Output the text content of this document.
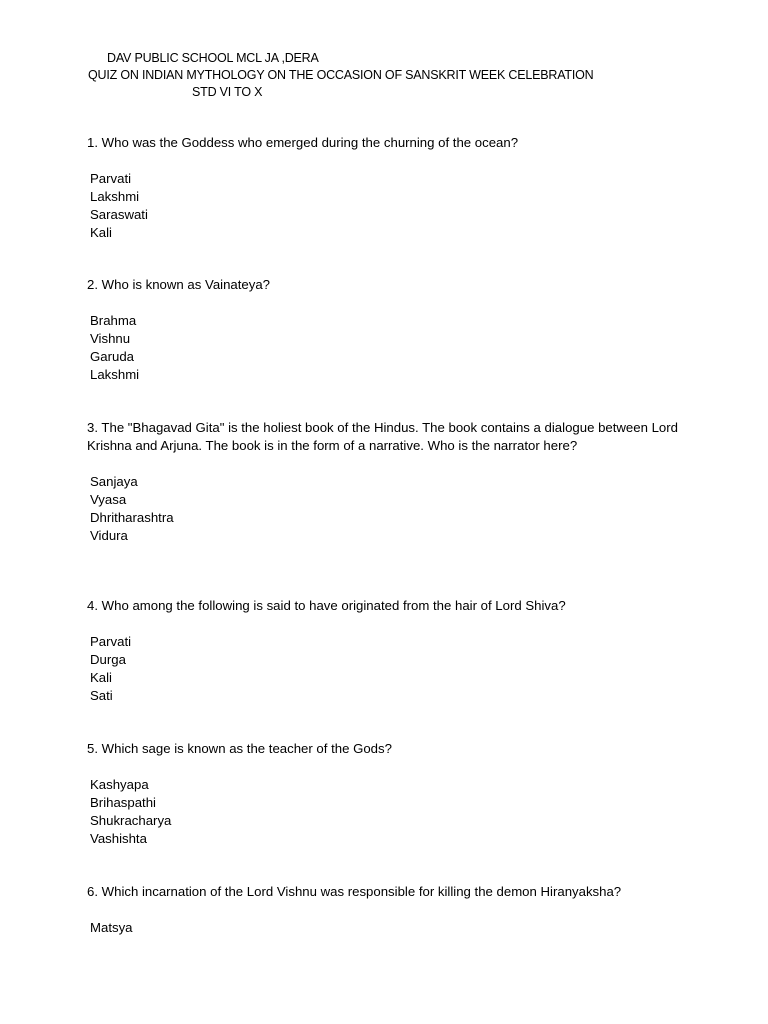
DAV PUBLIC SCHOOL MCL JA ,DERA
QUIZ ON INDIAN MYTHOLOGY ON THE OCCASION OF SANSKRIT WEEK CELEBRATION
STD VI TO X

1. Who was the Goddess who emerged during the churning of the ocean?

Parvati
Lakshmi
Saraswati
Kali

2. Who is known as Vainateya?

Brahma
Vishnu
Garuda
Lakshmi

3. The "Bhagavad Gita" is the holiest book of the Hindus. The book contains a dialogue between Lord Krishna and Arjuna. The book is in the form of a narrative. Who is the narrator here?

Sanjaya
Vyasa
Dhritharashtra
Vidura

4. Who among the following is said to have originated from the hair of Lord Shiva?

Parvati
Durga
Kali
Sati

5. Which sage is known as the teacher of the Gods?

Kashyapa
Brihaspathi
Shukracharya
Vashishta

6. Which incarnation of the Lord Vishnu was responsible for killing the demon Hiranyaksha?

Matsya
